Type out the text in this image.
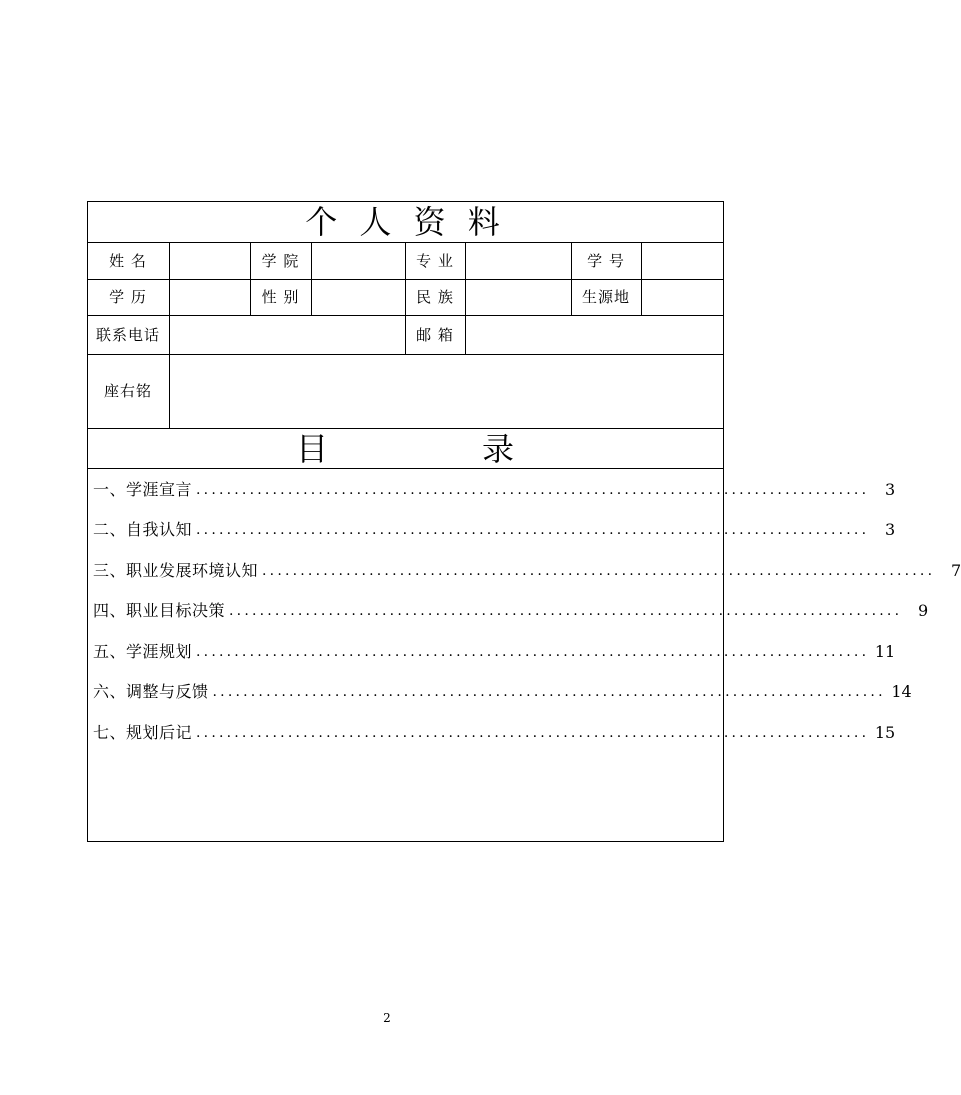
个 人 资 料
姓 名	学 院	专 业	学 号
学 历	性 别	民 族	生源地
联系电话	邮 箱
座右铭
目	录
一、学涯宣言 ........................................................................................ 3
二、自我认知 ........................................................................................ 3
三、职业发展环境认知 ........................................................................................ 7
四、职业目标决策 ........................................................................................ 9
五、学涯规划 ........................................................................................ 11
六、调整与反馈 ........................................................................................ 14
七、规划后记 ........................................................................................ 15
2
